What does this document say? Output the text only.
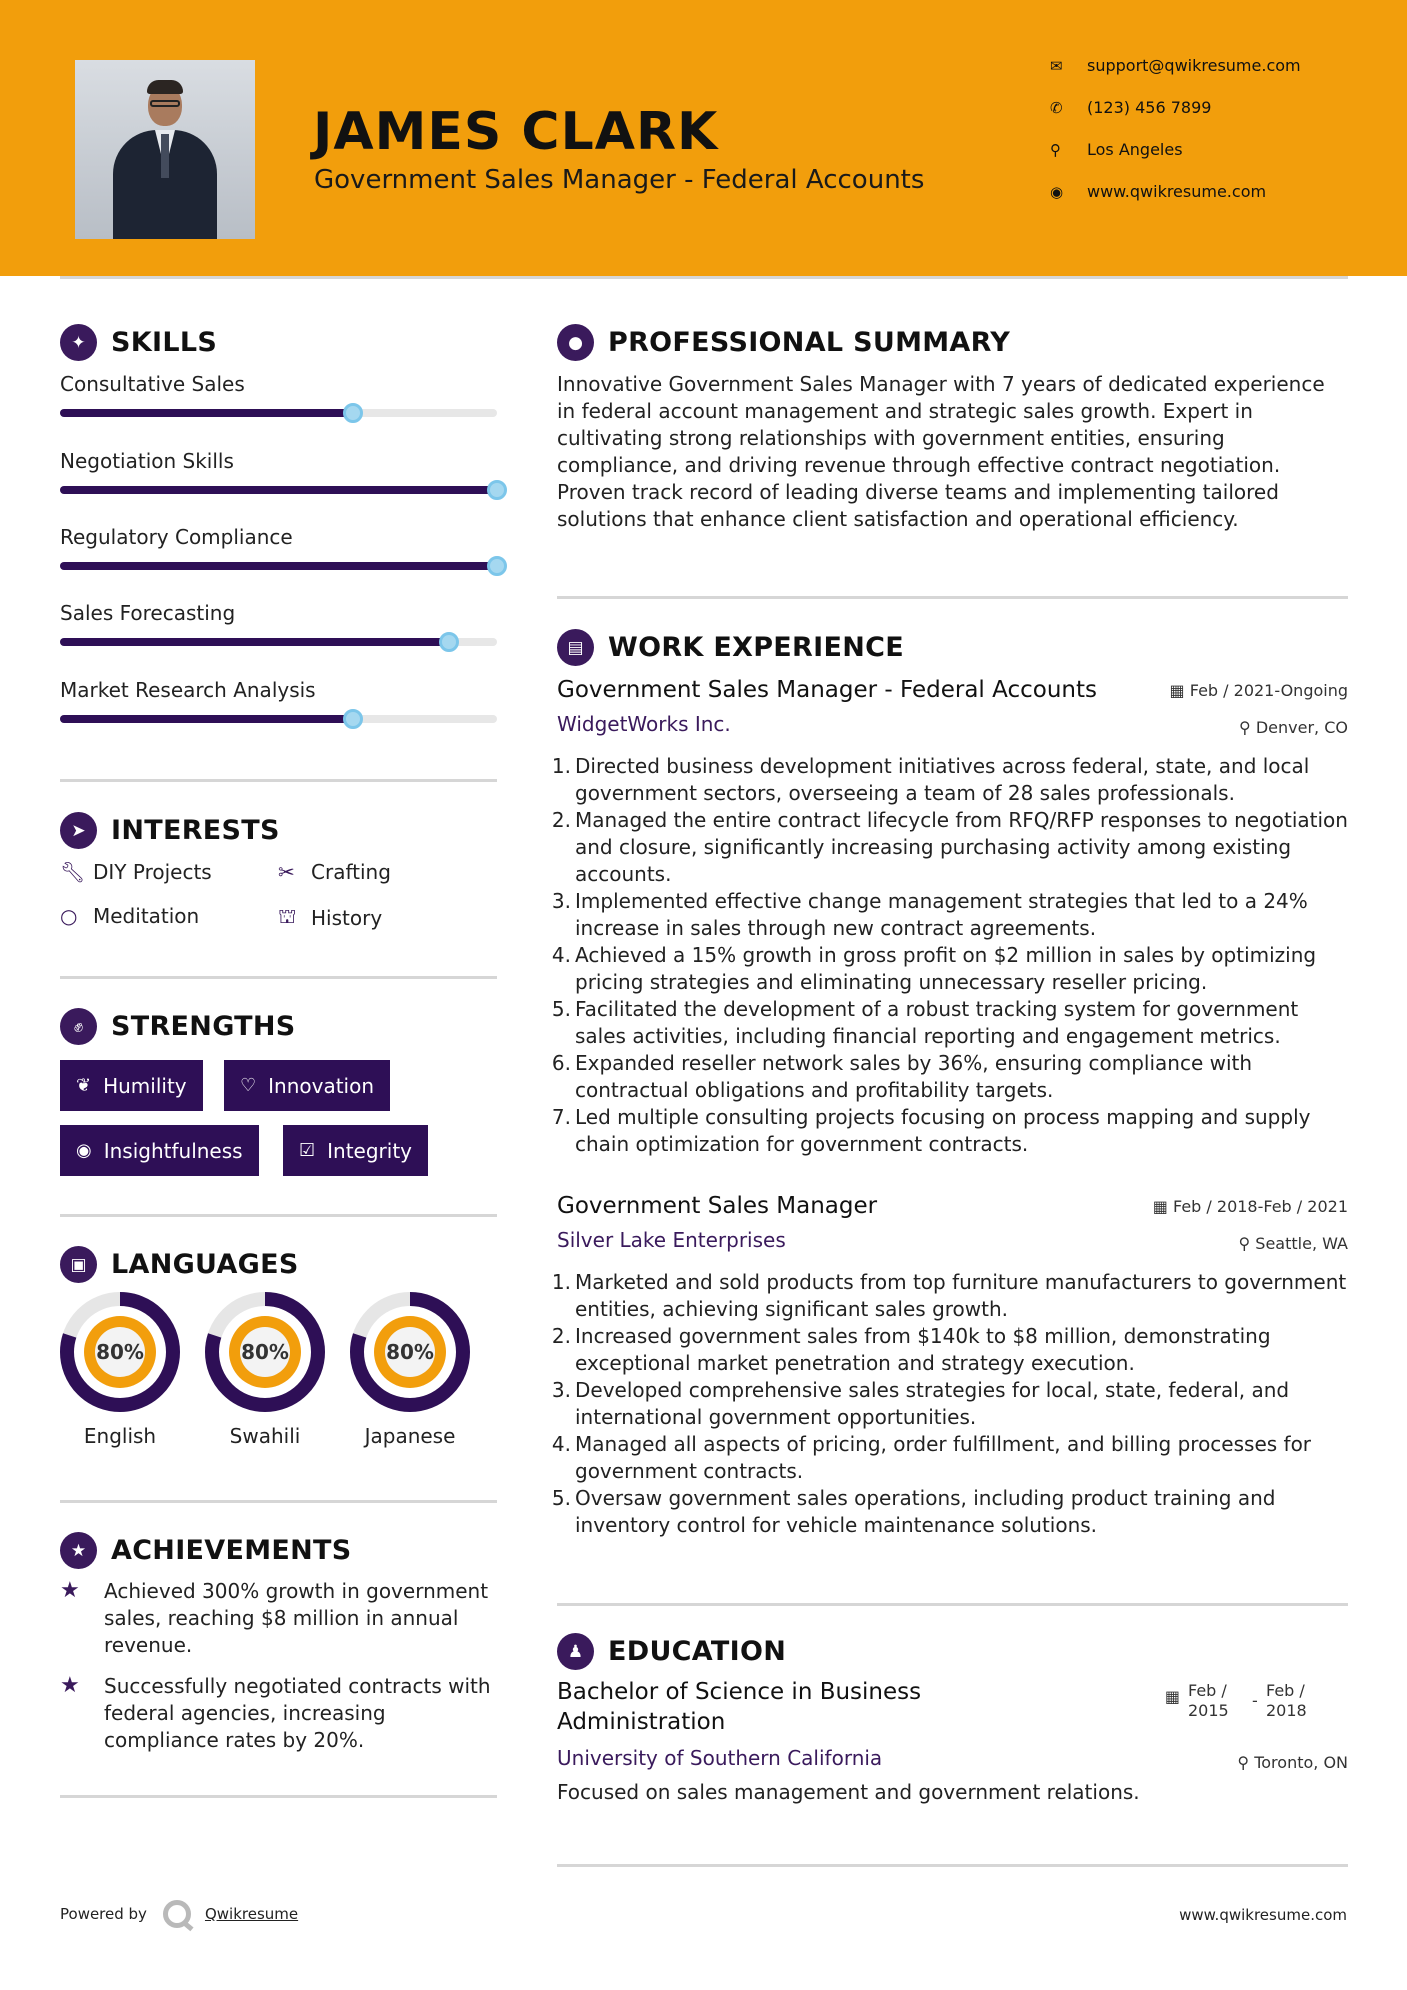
JAMES CLARK
Government Sales Manager - Federal Accounts
✉	support@qwikresume.com
✆	(123) 456 7899
⚲	Los Angeles
◉	www.qwikresume.com
✦ SKILLS
Consultative Sales
Negotiation Skills
Regulatory Compliance
Sales Forecasting
Market Research Analysis
➤ INTERESTS
🔧︎ DIY Projects	✂ Crafting
○ Meditation	⛫ History
✊︎	STRENGTHS
❦ Humility	♡ Innovation
◉ Insightfulness	☑ Integrity
▣ LANGUAGES
80%
English
80%
Swahili
80%
Japanese
★ ACHIEVEMENTS
★	Achieved 300% growth in government sales, reaching $8 million in annual revenue.
★	Successfully negotiated contracts with federal agencies, increasing compliance rates by 20%.
● PROFESSIONAL SUMMARY
Innovative Government Sales Manager with 7 years of dedicated experience in federal account management and strategic sales growth. Expert in cultivating strong relationships with government entities, ensuring compliance, and driving revenue through effective contract negotiation. Proven track record of leading diverse teams and implementing tailored solutions that enhance client satisfaction and operational efficiency.
▤ WORK EXPERIENCE
Government Sales Manager - Federal Accounts
WidgetWorks Inc.
▦ Feb / 2021-Ongoing
⚲ Denver, CO
1. Directed business development initiatives across federal, state, and local government sectors, overseeing a team of 28 sales professionals.
2. Managed the entire contract lifecycle from RFQ/RFP responses to negotiation and closure, significantly increasing purchasing activity among existing accounts.
3. Implemented effective change management strategies that led to a 24% increase in sales through new contract agreements.
4. Achieved a 15% growth in gross profit on $2 million in sales by optimizing pricing strategies and eliminating unnecessary reseller pricing.
5. Facilitated the development of a robust tracking system for government sales activities, including financial reporting and engagement metrics.
6. Expanded reseller network sales by 36%, ensuring compliance with contractual obligations and profitability targets.
7. Led multiple consulting projects focusing on process mapping and supply chain optimization for government contracts.
Government Sales Manager
Silver Lake Enterprises
▦ Feb / 2018-Feb / 2021
⚲ Seattle, WA
1. Marketed and sold products from top furniture manufacturers to government entities, achieving significant sales growth.
2. Increased government sales from $140k to $8 million, demonstrating exceptional market penetration and strategy execution.
3. Developed comprehensive sales strategies for local, state, federal, and international government opportunities.
4. Managed all aspects of pricing, order fulfillment, and billing processes for government contracts.
5. Oversaw government sales operations, including product training and inventory control for vehicle maintenance solutions.
♟ EDUCATION
Bachelor of Science in Business Administration
University of Southern California
Focused on sales management and government relations.
▦ Feb / 2015
-
Feb / 2018
⚲ Toronto, ON
Powered by	Qwikresume	www.qwikresume.com
